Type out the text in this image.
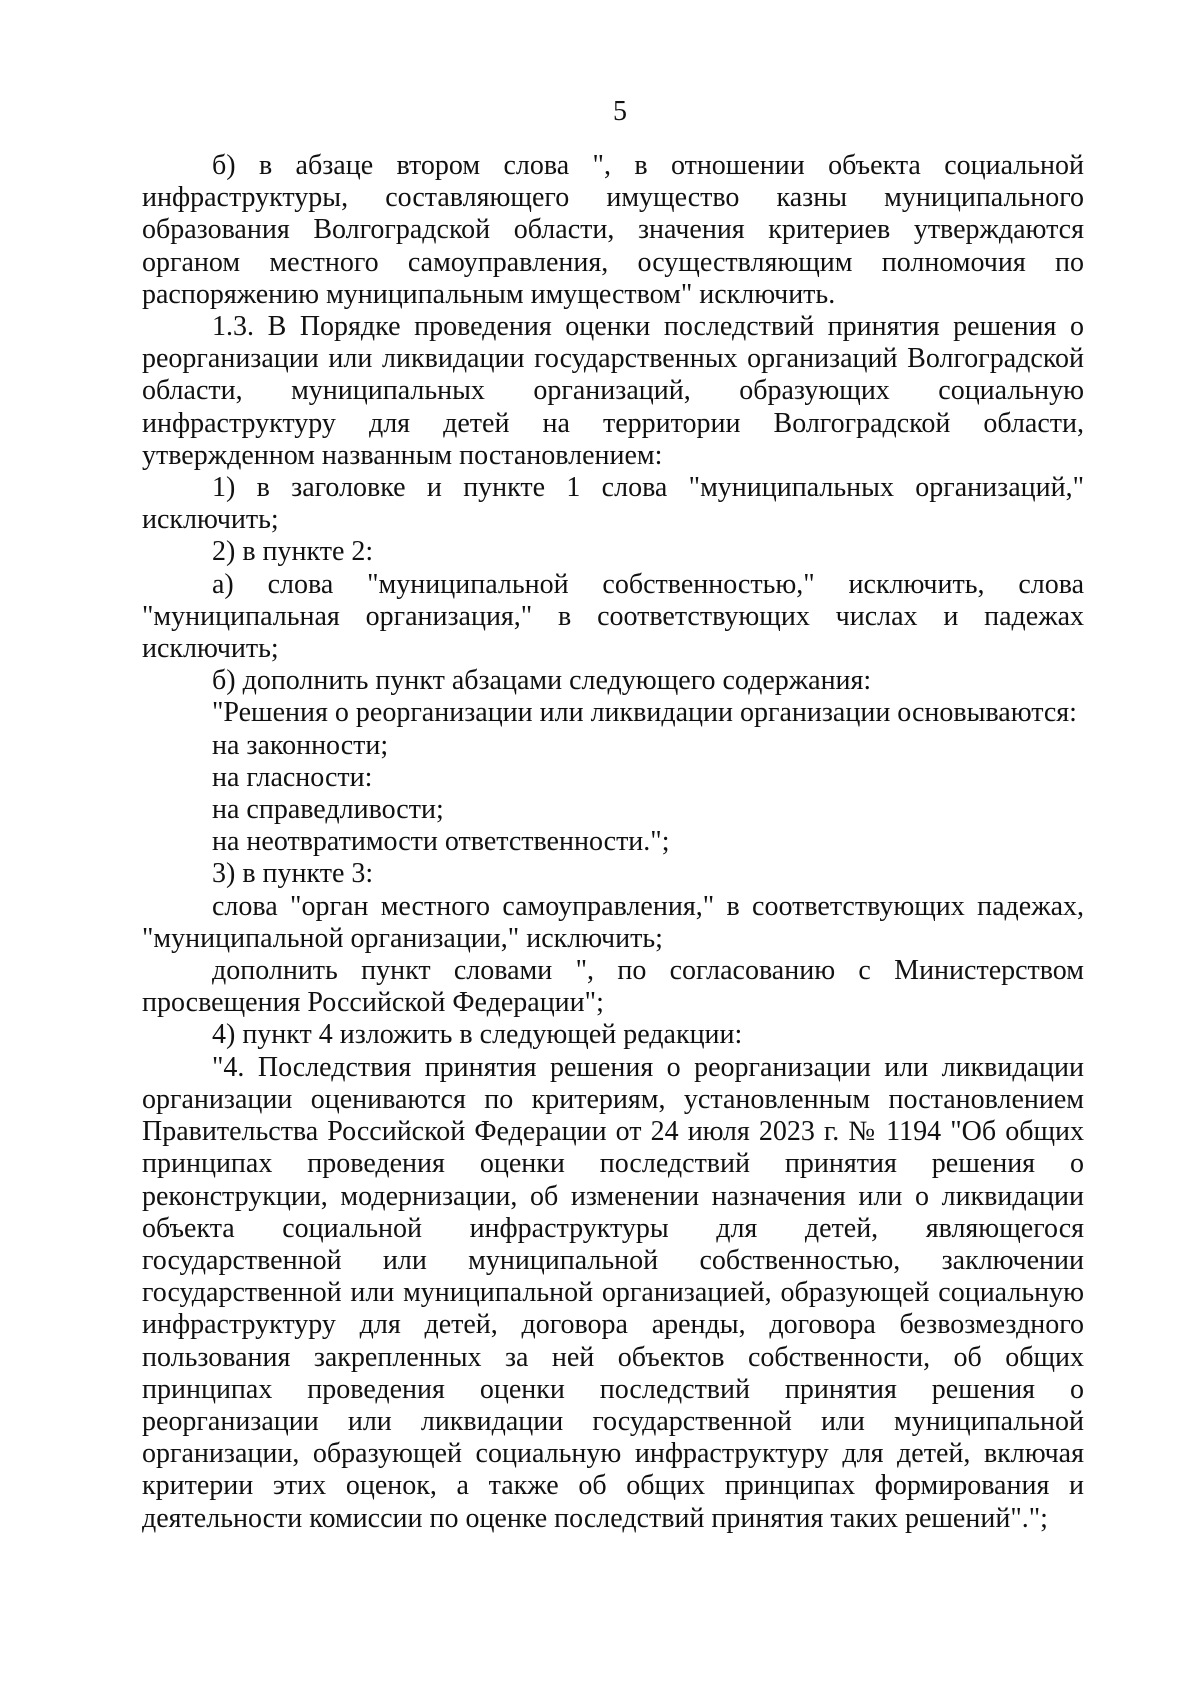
5

б) в абзаце втором слова ", в отношении объекта социальной инфраструктуры, составляющего имущество казны муниципального образования Волгоградской области, значения критериев утверждаются органом местного самоуправления, осуществляющим полномочия по распоряжению муниципальным имуществом" исключить.

1.3. В Порядке проведения оценки последствий принятия решения о реорганизации или ликвидации государственных организаций Волгоградской области, муниципальных организаций, образующих социальную инфраструктуру для детей на территории Волгоградской области, утвержденном названным постановлением:

1) в заголовке и пункте 1 слова "муниципальных организаций," исключить;

2) в пункте 2:

а) слова "муниципальной собственностью," исключить, слова "муниципальная организация," в соответствующих числах и падежах исключить;

б) дополнить пункт абзацами следующего содержания:

"Решения о реорганизации или ликвидации организации основываются:

на законности;

на гласности:

на справедливости;

на неотвратимости ответственности.";

3) в пункте 3:

слова "орган местного самоуправления," в соответствующих падежах, "муниципальной организации," исключить;

дополнить пункт словами ", по согласованию с Министерством просвещения Российской Федерации";

4) пункт 4 изложить в следующей редакции:

"4. Последствия принятия решения о реорганизации или ликвидации организации оцениваются по критериям, установленным постановлением Правительства Российской Федерации от 24 июля 2023 г. № 1194 "Об общих принципах проведения оценки последствий принятия решения о реконструкции, модернизации, об изменении назначения или о ликвидации объекта социальной инфраструктуры для детей, являющегося государственной или муниципальной собственностью, заключении государственной или муниципальной организацией, образующей социальную инфраструктуру для детей, договора аренды, договора безвозмездного пользования закрепленных за ней объектов собственности, об общих принципах проведения оценки последствий принятия решения о реорганизации или ликвидации государственной или муниципальной организации, образующей социальную инфраструктуру для детей, включая критерии этих оценок, а также об общих принципах формирования и деятельности комиссии по оценке последствий принятия таких решений".";
